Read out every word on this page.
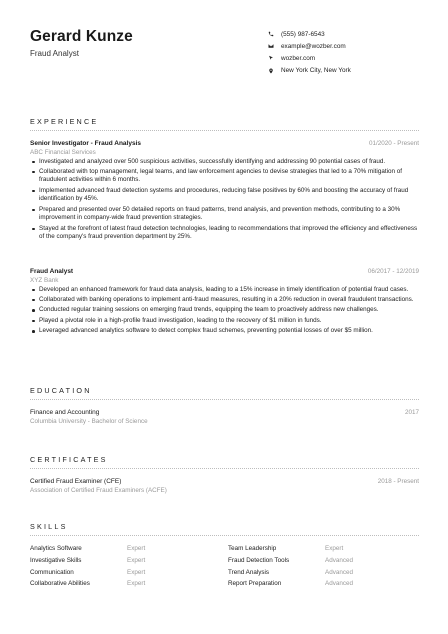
Gerard Kunze
Fraud Analyst
(555) 987-6543
example@wozber.com
wozber.com
New York City, New York
EXPERIENCE
Senior Investigator - Fraud Analysis	01/2020 - Present
ABC Financial Services
Investigated and analyzed over 500 suspicious activities, successfully identifying and addressing 90 potential cases of fraud.
Collaborated with top management, legal teams, and law enforcement agencies to devise strategies that led to a 70% mitigation of fraudulent activities within 6 months.
Implemented advanced fraud detection systems and procedures, reducing false positives by 60% and boosting the accuracy of fraud identification by 45%.
Prepared and presented over 50 detailed reports on fraud patterns, trend analysis, and prevention methods, contributing to a 30% improvement in company-wide fraud prevention strategies.
Stayed at the forefront of latest fraud detection technologies, leading to recommendations that improved the efficiency and effectiveness of the company's fraud prevention department by 25%.
Fraud Analyst	06/2017 - 12/2019
XYZ Bank
Developed an enhanced framework for fraud data analysis, leading to a 15% increase in timely identification of potential fraud cases.
Collaborated with banking operations to implement anti-fraud measures, resulting in a 20% reduction in overall fraudulent transactions.
Conducted regular training sessions on emerging fraud trends, equipping the team to proactively address new challenges.
Played a pivotal role in a high-profile fraud investigation, leading to the recovery of $1 million in funds.
Leveraged advanced analytics software to detect complex fraud schemes, preventing potential losses of over $5 million.
EDUCATION
Finance and Accounting	2017
Columbia University - Bachelor of Science
CERTIFICATES
Certified Fraud Examiner (CFE)	2018 - Present
Association of Certified Fraud Examiners (ACFE)
SKILLS
Analytics Software	Expert	Team Leadership	Expert
Investigative Skills	Expert	Fraud Detection Tools	Advanced
Communication	Expert	Trend Analysis	Advanced
Collaborative Abilities	Expert	Report Preparation	Advanced
